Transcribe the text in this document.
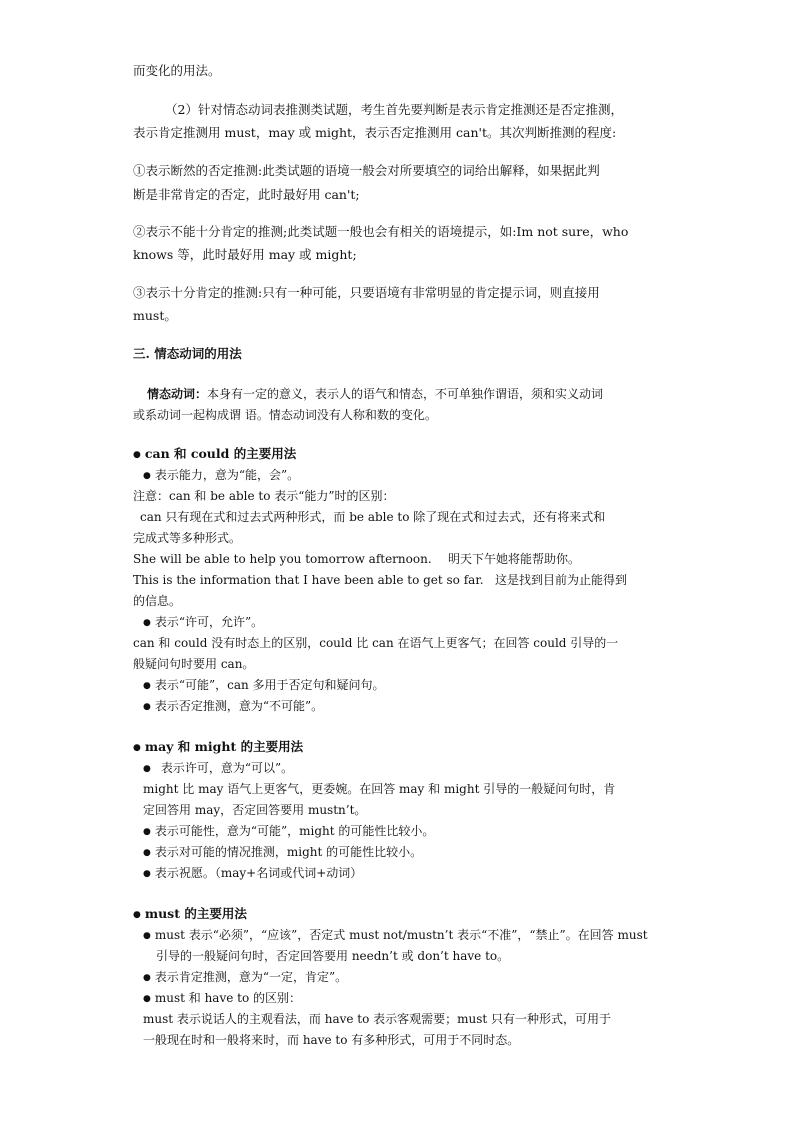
而变化的用法。
（2）针对情态动词表推测类试题，考生首先要判断是表示肯定推测还是否定推测，
表示肯定推测用 must，may 或 might，表示否定推测用 can't。其次判断推测的程度:
①表示断然的否定推测:此类试题的语境一般会对所要填空的词给出解释，如果据此判
断是非常肯定的否定，此时最好用 can't;
②表示不能十分肯定的推测;此类试题一般也会有相关的语境提示，如:Im not sure，who
knows 等，此时最好用 may 或 might;
③表示十分肯定的推测:只有一种可能，只要语境有非常明显的肯定提示词，则直接用
must。
三. 情态动词的用法
情态动词：本身有一定的意义，表示人的语气和情态，不可单独作谓语，须和实义动词
或系动词一起构成谓 语。情态动词没有人称和数的变化。
● can 和 could 的主要用法
● 表示能力，意为“能，会”。
注意：can 和 be able to 表示“能力”时的区别：
can 只有现在式和过去式两种形式，而 be able to 除了现在式和过去式，还有将来式和
完成式等多种形式。
She will be able to help you tomorrow afternoon. 明天下午她将能帮助你。
This is the information that I have been able to get so far. 这是找到目前为止能得到
的信息。
● 表示“许可，允许”。
can 和 could 没有时态上的区别，could 比 can 在语气上更客气；在回答 could 引导的一
般疑问句时要用 can。
● 表示“可能”，can 多用于否定句和疑问句。
● 表示否定推测，意为“不可能”。
● may 和 might 的主要用法
● 表示许可，意为“可以”。
might 比 may 语气上更客气，更委婉。在回答 may 和 might 引导的一般疑问句时，肯
定回答用 may，否定回答要用 mustn’t。
● 表示可能性，意为“可能”，might 的可能性比较小。
● 表示对可能的情况推测，might 的可能性比较小。
● 表示祝愿。（may+名词或代词+动词）
● must 的主要用法
● must 表示“必须”，“应该”，否定式 must not/mustn’t 表示“不准”，“禁止”。在回答 must
引导的一般疑问句时，否定回答要用 needn’t 或 don’t have to。
● 表示肯定推测，意为“一定，肯定”。
● must 和 have to 的区别：
must 表示说话人的主观看法，而 have to 表示客观需要；must 只有一种形式，可用于
一般现在时和一般将来时，而 have to 有多种形式，可用于不同时态。
